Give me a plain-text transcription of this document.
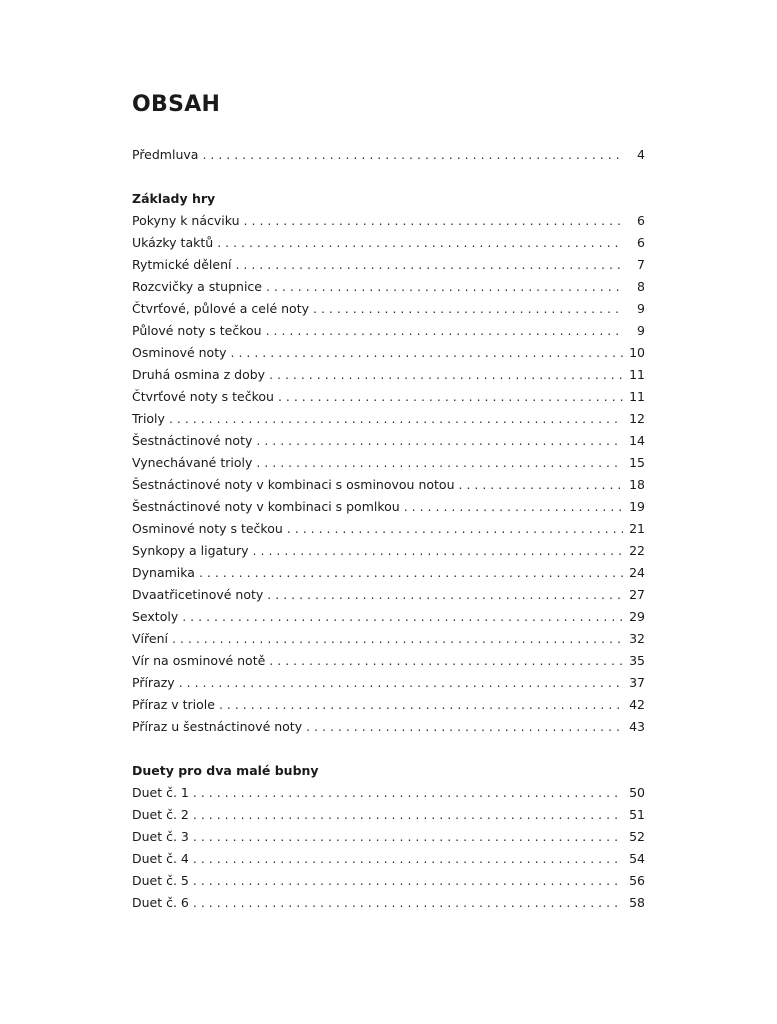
OBSAH
Předmluva . . .	4
Základy hry
Pokyny k nácviku . . .	6
Ukázky taktů . . .	6
Rytmické dělení . . .	7
Rozcvičky a stupnice . . .	8
Čtvrťové, půlové a celé noty . . .	9
Půlové noty s tečkou . . .	9
Osminové noty . . .	10
Druhá osmina z doby . . .	11
Čtvrťové noty s tečkou . . .	11
Trioly . . .	12
Šestnáctinové noty . . .	14
Vynechávané trioly . . .	15
Šestnáctinové noty v kombinaci s osminovou notou . . .	18
Šestnáctinové noty v kombinaci s pomlkou . . .	19
Osminové noty s tečkou . . .	21
Synkopy a ligatury . . .	22
Dynamika . . .	24
Dvaatřicetinové noty . . .	27
Sextoly . . .	29
Víření . . .	32
Vír na osminové notě . . .	35
Přírazy . . .	37
Příraz v triole . . .	42
Příraz u šestnáctinové noty . . .	43
Duety pro dva malé bubny
Duet č. 1 . . .	50
Duet č. 2 . . .	51
Duet č. 3 . . .	52
Duet č. 4 . . .	54
Duet č. 5 . . .	56
Duet č. 6 . . .	58
